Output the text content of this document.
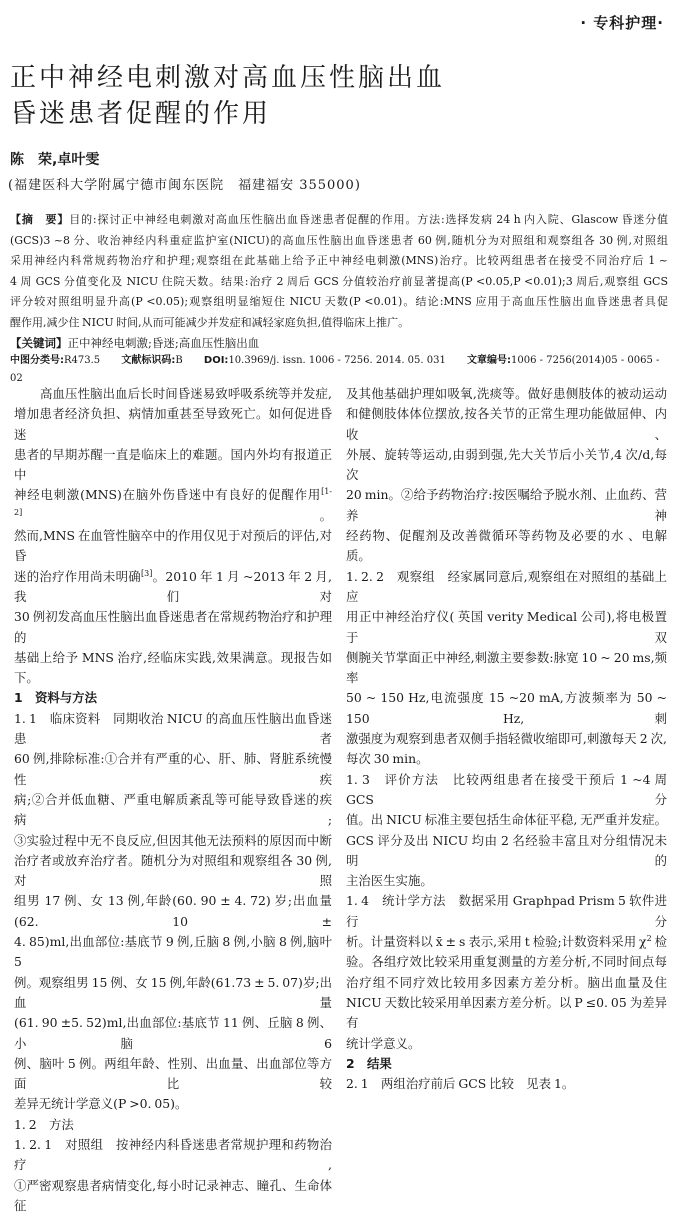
· 专科护理·
正中神经电刺激对高血压性脑出血
昏迷患者促醒的作用
陈　荣,卓叶雯
(福建医科大学附属宁德市闽东医院　福建福安 355000)
【摘　要】目的:探讨正中神经电刺激对高血压性脑出血昏迷患者促醒的作用。方法:选择发病 24 h 内入院、Glascow 昏迷分值
(GCS)3 ~8 分、收治神经内科重症监护室(NICU)的高血压性脑出血昏迷患者 60 例,随机分为对照组和观察组各 30 例,对照组
采用神经内科常规药物治疗和护理;观察组在此基础上给予正中神经电刺激(MNS)治疗。比较两组患者在接受不同治疗后 1 ~
4 周 GCS 分值变化及 NICU 住院天数。结果:治疗 2 周后 GCS 分值较治疗前显著提高(P <0.05,P <0.01);3 周后,观察组 GCS
评分较对照组明显升高(P <0.05);观察组明显缩短住 NICU 天数(P <0.01)。结论:MNS 应用于高血压性脑出血昏迷患者具促
醒作用,减少住 NICU 时间,从而可能减少并发症和减轻家庭负担,值得临床上推广。
【关键词】正中神经电刺激;昏迷;高血压性脑出血
中图分类号:R473.5 文献标识码:B DOI:10.3969/j. issn. 1006 - 7256. 2014. 05. 031 文章编号:1006 - 7256(2014)05 - 0065 - 02
高血压性脑出血后长时间昏迷易致呼吸系统等并发症,
增加患者经济负担、病情加重甚至导致死亡。如何促进昏迷
患者的早期苏醒一直是临床上的难题。国内外均有报道正中
神经电刺激(MNS)在脑外伤昏迷中有良好的促醒作用[1-2]。
然而,MNS 在血管性脑卒中的作用仅见于对预后的评估,对昏
迷的治疗作用尚未明确[3]。2010 年 1 月 ~2013 年 2 月,我们对
30 例初发高血压性脑出血昏迷患者在常规药物治疗和护理的
基础上给予 MNS 治疗,经临床实践,效果满意。现报告如下。
1　资料与方法
1. 1　临床资料　同期收治 NICU 的高血压性脑出血昏迷患者
60 例,排除标准:①合并有严重的心、肝、肺、肾脏系统慢性疾
病;②合并低血糖、严重电解质紊乱等可能导致昏迷的疾病;
③实验过程中无不良反应,但因其他无法预料的原因而中断
治疗者或放弃治疗者。随机分为对照组和观察组各 30 例,对照
组男 17 例、女 13 例,年龄(60. 90 ± 4. 72) 岁;出血量(62. 10 ±
4. 85)ml,出血部位:基底节 9 例,丘脑 8 例,小脑 8 例,脑叶 5
例。观察组男 15 例、女 15 例,年龄(61.73 ± 5. 07)岁;出血量
(61. 90 ±5. 52)ml,出血部位:基底节 11 例、丘脑 8 例、小脑 6
例、脑叶 5 例。两组年龄、性别、出血量、出血部位等方面比较
差异无统计学意义(P >0. 05)。
1. 2　方法
1. 2. 1　对照组　按神经内科昏迷患者常规护理和药物治疗,
①严密观察患者病情变化,每小时记录神志、瞳孔、生命体征
及其他基础护理如吸氧,洗痰等。做好患侧肢体的被动运动
和健侧肢体体位摆放,按各关节的正常生理功能做屈伸、内收、
外展、旋转等运动,由弱到强,先大关节后小关节,4 次/d,每次
20 min。②给予药物治疗:按医嘱给予脱水剂、止血药、营养神
经药物、促醒剂及改善微循环等药物及必要的水 、电解质。
1. 2. 2　观察组　经家属同意后,观察组在对照组的基础上应
用正中神经治疗仪( 英国 verity Medical 公司),将电极置于双
侧腕关节掌面正中神经,刺激主要参数:脉宽 10 ~ 20 ms,频率
50 ~ 150 Hz,电流强度 15 ~20 mA,方波频率为 50 ~ 150 Hz,刺
激强度为观察到患者双侧手指轻微收缩即可,刺激每天 2 次,
每次 30 min。
1. 3　评价方法　比较两组患者在接受干预后 1 ~4 周 GCS 分
值。出 NICU 标准主要包括生命体征平稳, 无严重并发症。
GCS 评分及出 NICU 均由 2 名经验丰富且对分组情况未明的
主治医生实施。
1. 4　统计学方法　数据采用 Graphpad Prism 5 软件进行分
析。计量资料以 x̄ ± s 表示,采用 t 检验;计数资料采用 $\chi^2$ 检
验。各组疗效比较采用重复测量的方差分析,不同时间点每
治疗组不同疗效比较用多因素方差分析。脑出血量及住
NICU 天数比较采用单因素方差分析。以 P ≤0. 05 为差异有
统计学意义。
2　结果
2. 1　两组治疗前后 GCS 比较　见表 1。
